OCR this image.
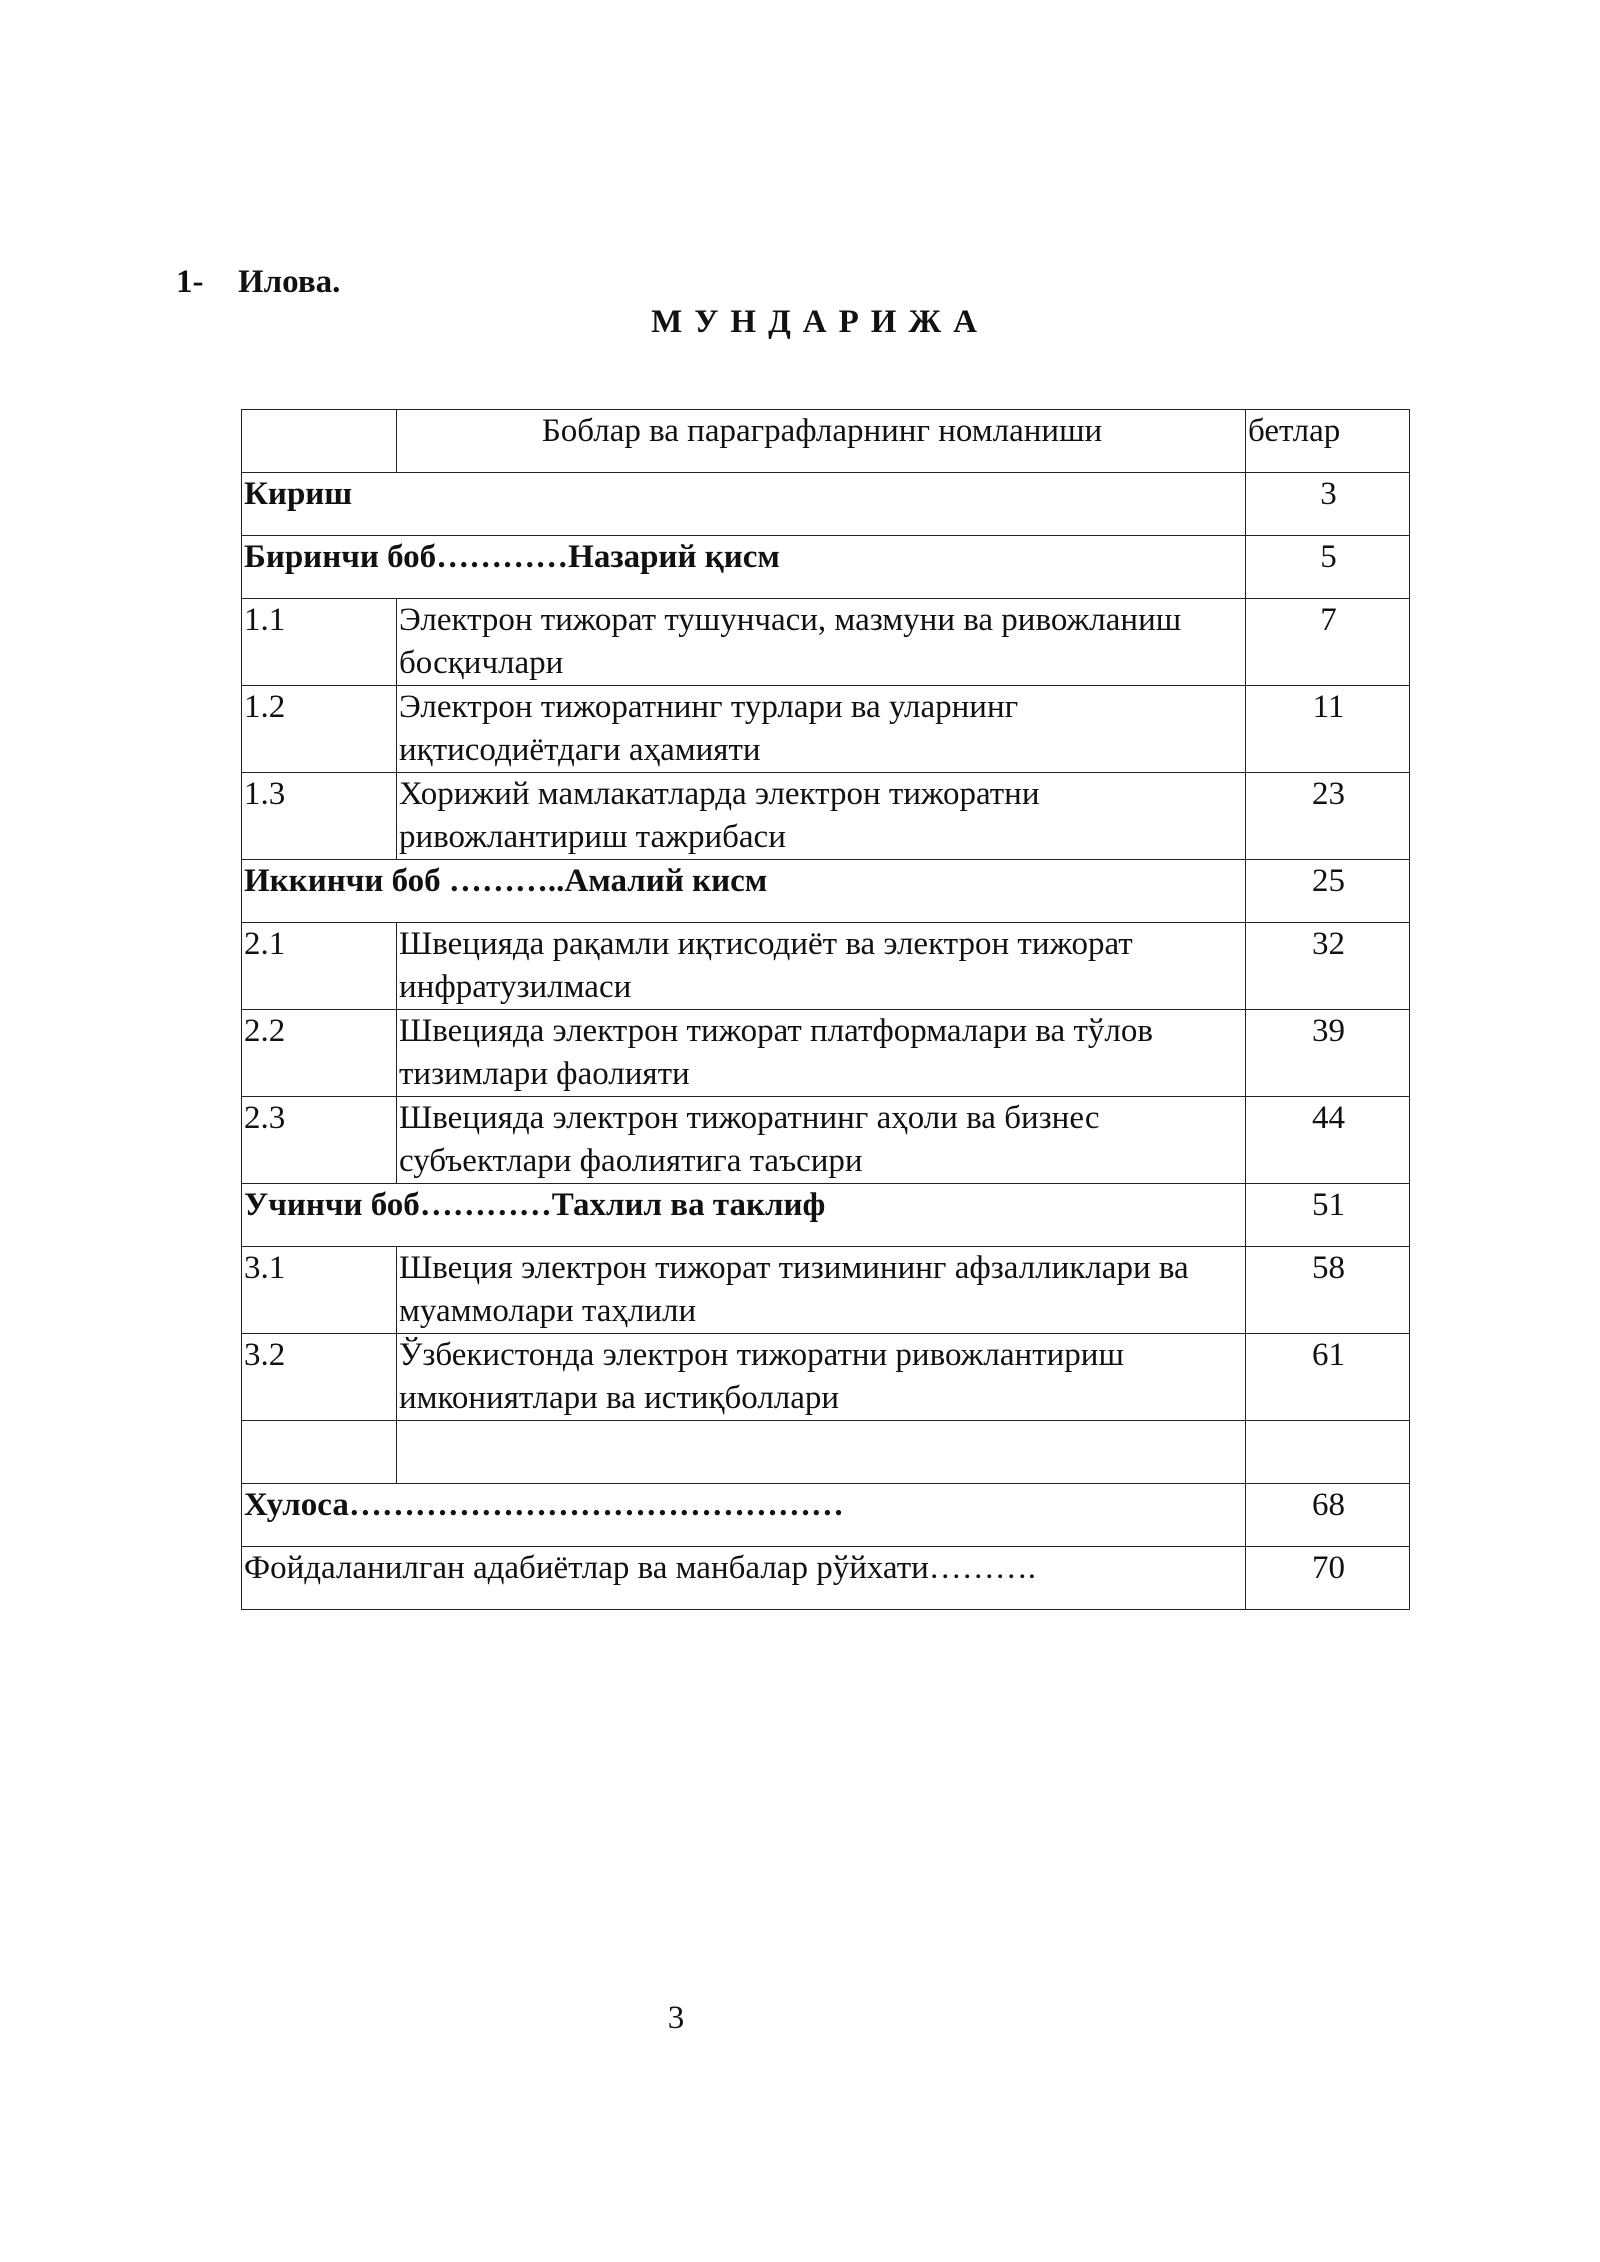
1- Илова.
МУНДАРИЖА
	Боблар ва параграфларнинг номланиши	бетлар
Кириш		3
Биринчи боб…………Назарий қисм		5
1.1	Электрон тижорат тушунчаси, мазмуни ва ривожланиш босқичлари	7
1.2	Электрон тижоратнинг турлари ва уларнинг иқтисодиётдаги аҳамияти	11
1.3	Хорижий мамлакатларда электрон тижоратни ривожлантириш тажрибаси	23
Иккинчи боб ………..Амалий кисм		25
2.1	Швецияда рақамли иқтисодиёт ва электрон тижорат инфратузилмаси	32
2.2	Швецияда электрон тижорат платформалари ва тўлов тизимлари фаолияти	39
2.3	Швецияда электрон тижоратнинг аҳоли ва бизнес субъектлари фаолиятига таъсири	44
Учинчи боб…………Тахлил ва таклиф		51
3.1	Швеция электрон тижорат тизимининг афзалликлари ва муаммолари таҳлили	58
3.2	Ўзбекистонда электрон тижоратни ривожлантириш имкониятлари ва истиқболлари	61

Хулоса………………………………………		68
Фойдаланилган адабиётлар ва манбалар рўйхати……….		70
3
